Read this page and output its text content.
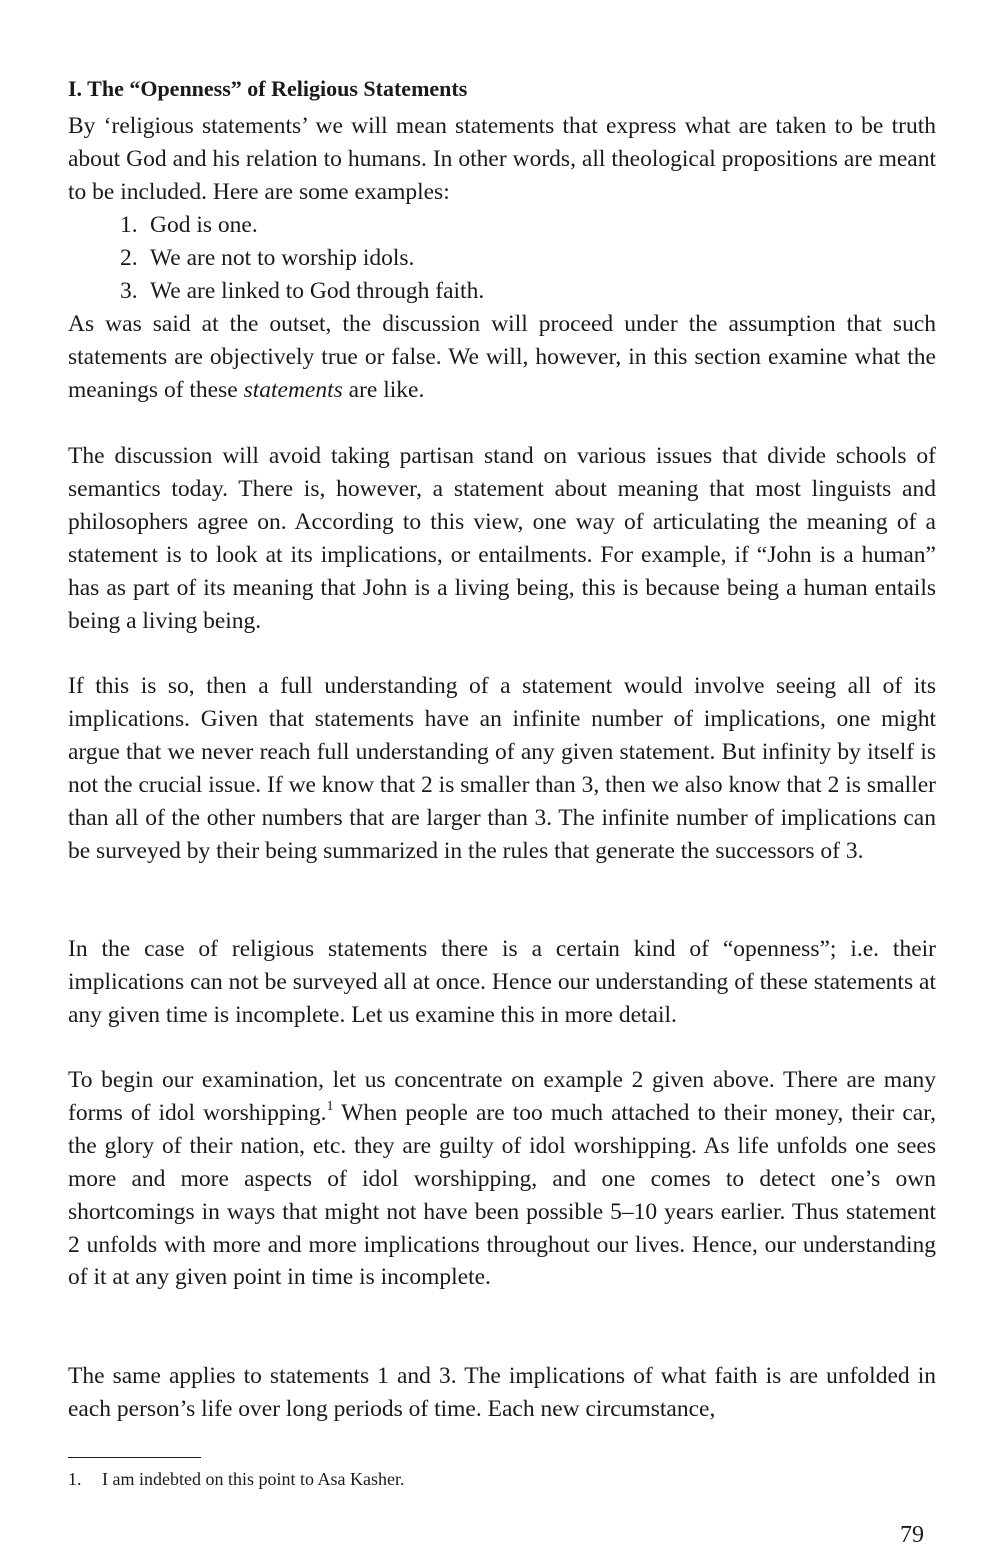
I. The “Openness” of Religious Statements

By ‘religious statements’ we will mean statements that express what are taken to be truth about God and his relation to humans. In other words, all theological propositions are meant to be included. Here are some examples:

1. God is one.
2. We are not to worship idols.
3. We are linked to God through faith.

As was said at the outset, the discussion will proceed under the assumption that such statements are objectively true or false. We will, however, in this section examine what the meanings of these statements are like.

The discussion will avoid taking partisan stand on various issues that divide schools of semantics today. There is, however, a statement about meaning that most linguists and philosophers agree on. According to this view, one way of articulating the meaning of a statement is to look at its implications, or entailments. For example, if “John is a human” has as part of its meaning that John is a living being, this is because being a human entails being a living being.

If this is so, then a full understanding of a statement would involve seeing all of its implications. Given that statements have an infinite number of implications, one might argue that we never reach full understanding of any given statement. But infinity by itself is not the crucial issue. If we know that 2 is smaller than 3, then we also know that 2 is smaller than all of the other numbers that are larger than 3. The infinite number of implications can be surveyed by their being summarized in the rules that generate the successors of 3.

In the case of religious statements there is a certain kind of “openness”; i.e. their implications can not be surveyed all at once. Hence our understanding of these statements at any given time is incomplete. Let us examine this in more detail.

To begin our examination, let us concentrate on example 2 given above. There are many forms of idol worshipping.$^1$ When people are too much attached to their money, their car, the glory of their nation, etc. they are guilty of idol worshipping. As life unfolds one sees more and more aspects of idol worshipping, and one comes to detect one’s own shortcomings in ways that might not have been possible 5–10 years earlier. Thus statement 2 unfolds with more and more implications throughout our lives. Hence, our understanding of it at any given point in time is incomplete.

The same applies to statements 1 and 3. The implications of what faith is are unfolded in each person’s life over long periods of time. Each new circumstance,

1. I am indebted on this point to Asa Kasher.

79
